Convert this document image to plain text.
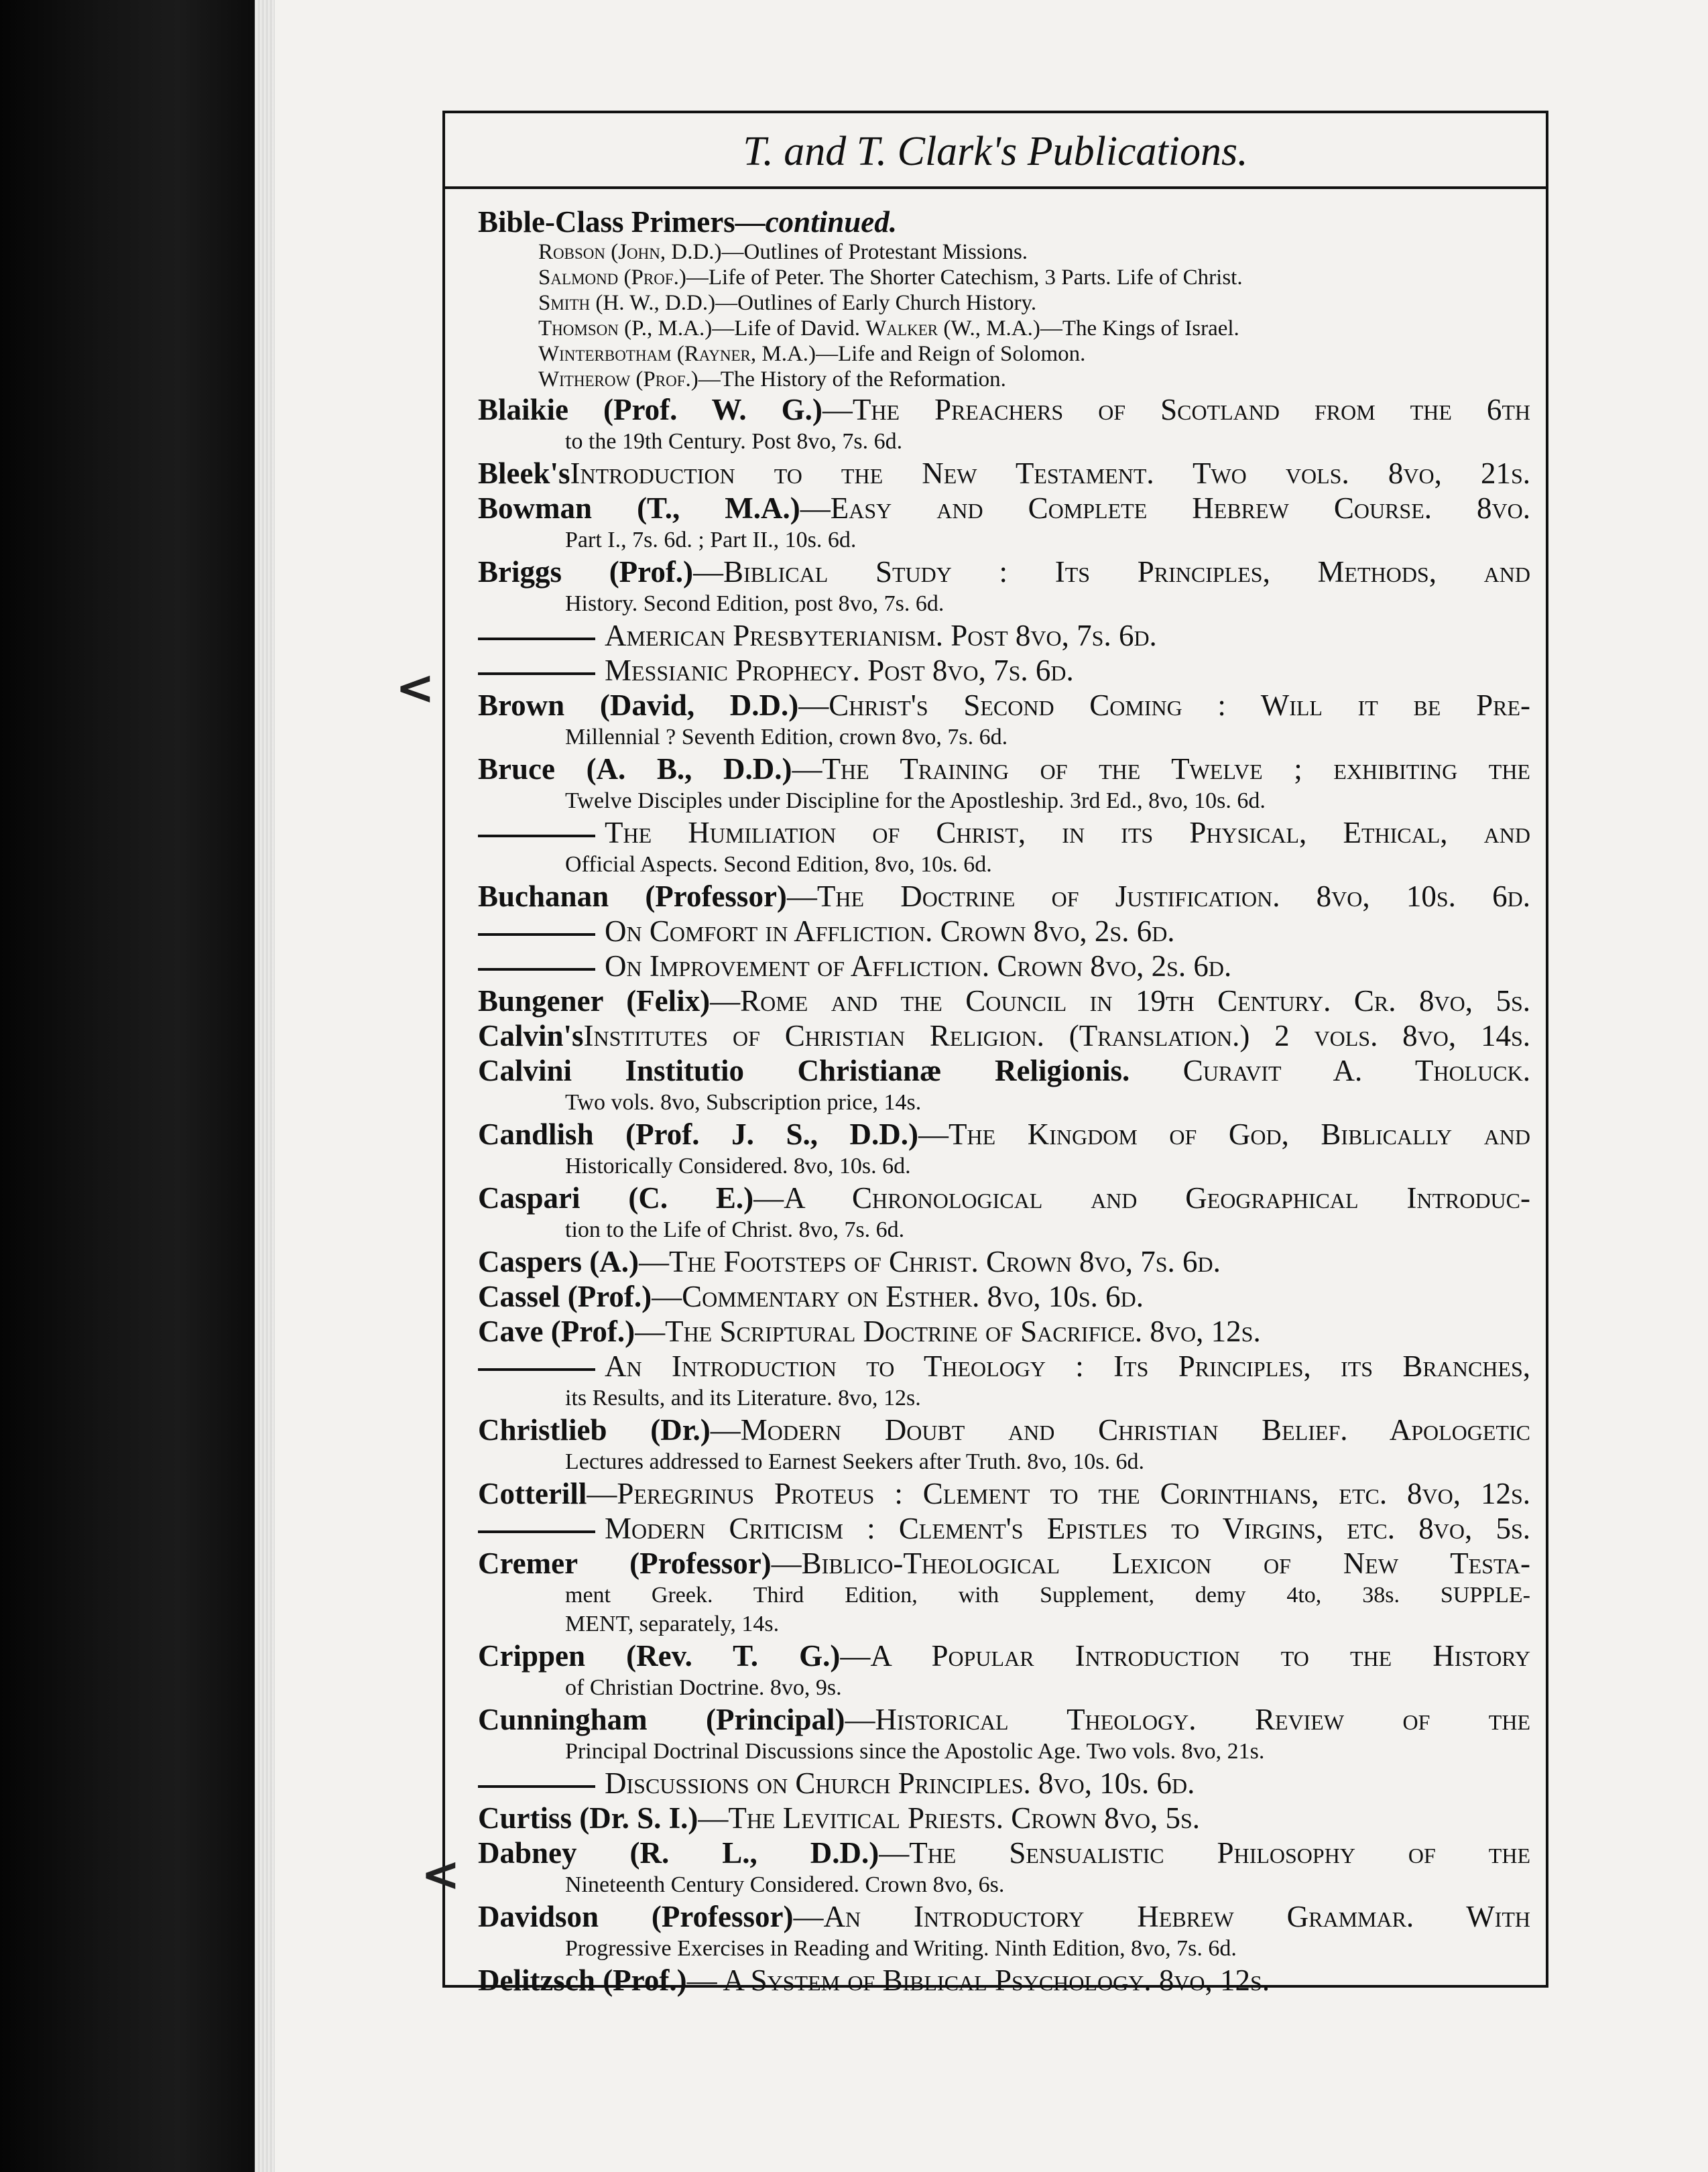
T. and T. Clark's Publications.
<
<
Bible-Class Primers—continued.
Robson (John, D.D.)—Outlines of Protestant Missions.
Salmond (Prof.)—Life of Peter. The Shorter Catechism, 3 Parts. Life of Christ.
Smith (H. W., D.D.)—Outlines of Early Church History.
Thomson (P., M.A.)—Life of David. Walker (W., M.A.)—The Kings of Israel.
Winterbotham (Rayner, M.A.)—Life and Reign of Solomon.
Witherow (Prof.)—The History of the Reformation.
Blaikie (Prof. W. G.)—The Preachers of Scotland from the 6th
to the 19th Century. Post 8vo, 7s. 6d.
Bleek'sIntroduction to the New Testament. Two vols. 8vo, 21s.
Bowman (T., M.A.)—Easy and Complete Hebrew Course. 8vo.
Part I., 7s. 6d. ; Part II., 10s. 6d.
Briggs (Prof.)—Biblical Study : Its Principles, Methods, and
History. Second Edition, post 8vo, 7s. 6d.
American Presbyterianism. Post 8vo, 7s. 6d.
Messianic Prophecy. Post 8vo, 7s. 6d.
Brown (David, D.D.)—Christ's Second Coming : Will it be Pre-
Millennial ? Seventh Edition, crown 8vo, 7s. 6d.
Bruce (A. B., D.D.)—The Training of the Twelve ; exhibiting the
Twelve Disciples under Discipline for the Apostleship. 3rd Ed., 8vo, 10s. 6d.
The Humiliation of Christ, in its Physical, Ethical, and
Official Aspects. Second Edition, 8vo, 10s. 6d.
Buchanan (Professor)—The Doctrine of Justification. 8vo, 10s. 6d.
On Comfort in Affliction. Crown 8vo, 2s. 6d.
On Improvement of Affliction. Crown 8vo, 2s. 6d.
Bungener (Felix)—Rome and the Council in 19th Century. Cr. 8vo, 5s.
Calvin'sInstitutes of Christian Religion. (Translation.) 2 vols. 8vo, 14s.
Calvini Institutio Christianæ Religionis. Curavit A. Tholuck.
Two vols. 8vo, Subscription price, 14s.
Candlish (Prof. J. S., D.D.)—The Kingdom of God, Biblically and
Historically Considered. 8vo, 10s. 6d.
Caspari (C. E.)—A Chronological and Geographical Introduc-
tion to the Life of Christ. 8vo, 7s. 6d.
Caspers (A.)—The Footsteps of Christ. Crown 8vo, 7s. 6d.
Cassel (Prof.)—Commentary on Esther. 8vo, 10s. 6d.
Cave (Prof.)—The Scriptural Doctrine of Sacrifice. 8vo, 12s.
An Introduction to Theology : Its Principles, its Branches,
its Results, and its Literature. 8vo, 12s.
Christlieb (Dr.)—Modern Doubt and Christian Belief. Apologetic
Lectures addressed to Earnest Seekers after Truth. 8vo, 10s. 6d.
Cotterill—Peregrinus Proteus : Clement to the Corinthians, etc. 8vo, 12s.
Modern Criticism : Clement's Epistles to Virgins, etc. 8vo, 5s.
Cremer (Professor)—Biblico-Theological Lexicon of New Testa-
ment Greek. Third Edition, with Supplement, demy 4to, 38s. SUPPLE-
MENT, separately, 14s.
Crippen (Rev. T. G.)—A Popular Introduction to the History
of Christian Doctrine. 8vo, 9s.
Cunningham (Principal)—Historical Theology. Review of the
Principal Doctrinal Discussions since the Apostolic Age. Two vols. 8vo, 21s.
Discussions on Church Principles. 8vo, 10s. 6d.
Curtiss (Dr. S. I.)—The Levitical Priests. Crown 8vo, 5s.
Dabney (R. L., D.D.)—The Sensualistic Philosophy of the
Nineteenth Century Considered. Crown 8vo, 6s.
Davidson (Professor)—An Introductory Hebrew Grammar. With
Progressive Exercises in Reading and Writing. Ninth Edition, 8vo, 7s. 6d.
Delitzsch (Prof.)— A System of Biblical Psychology. 8vo, 12s.
